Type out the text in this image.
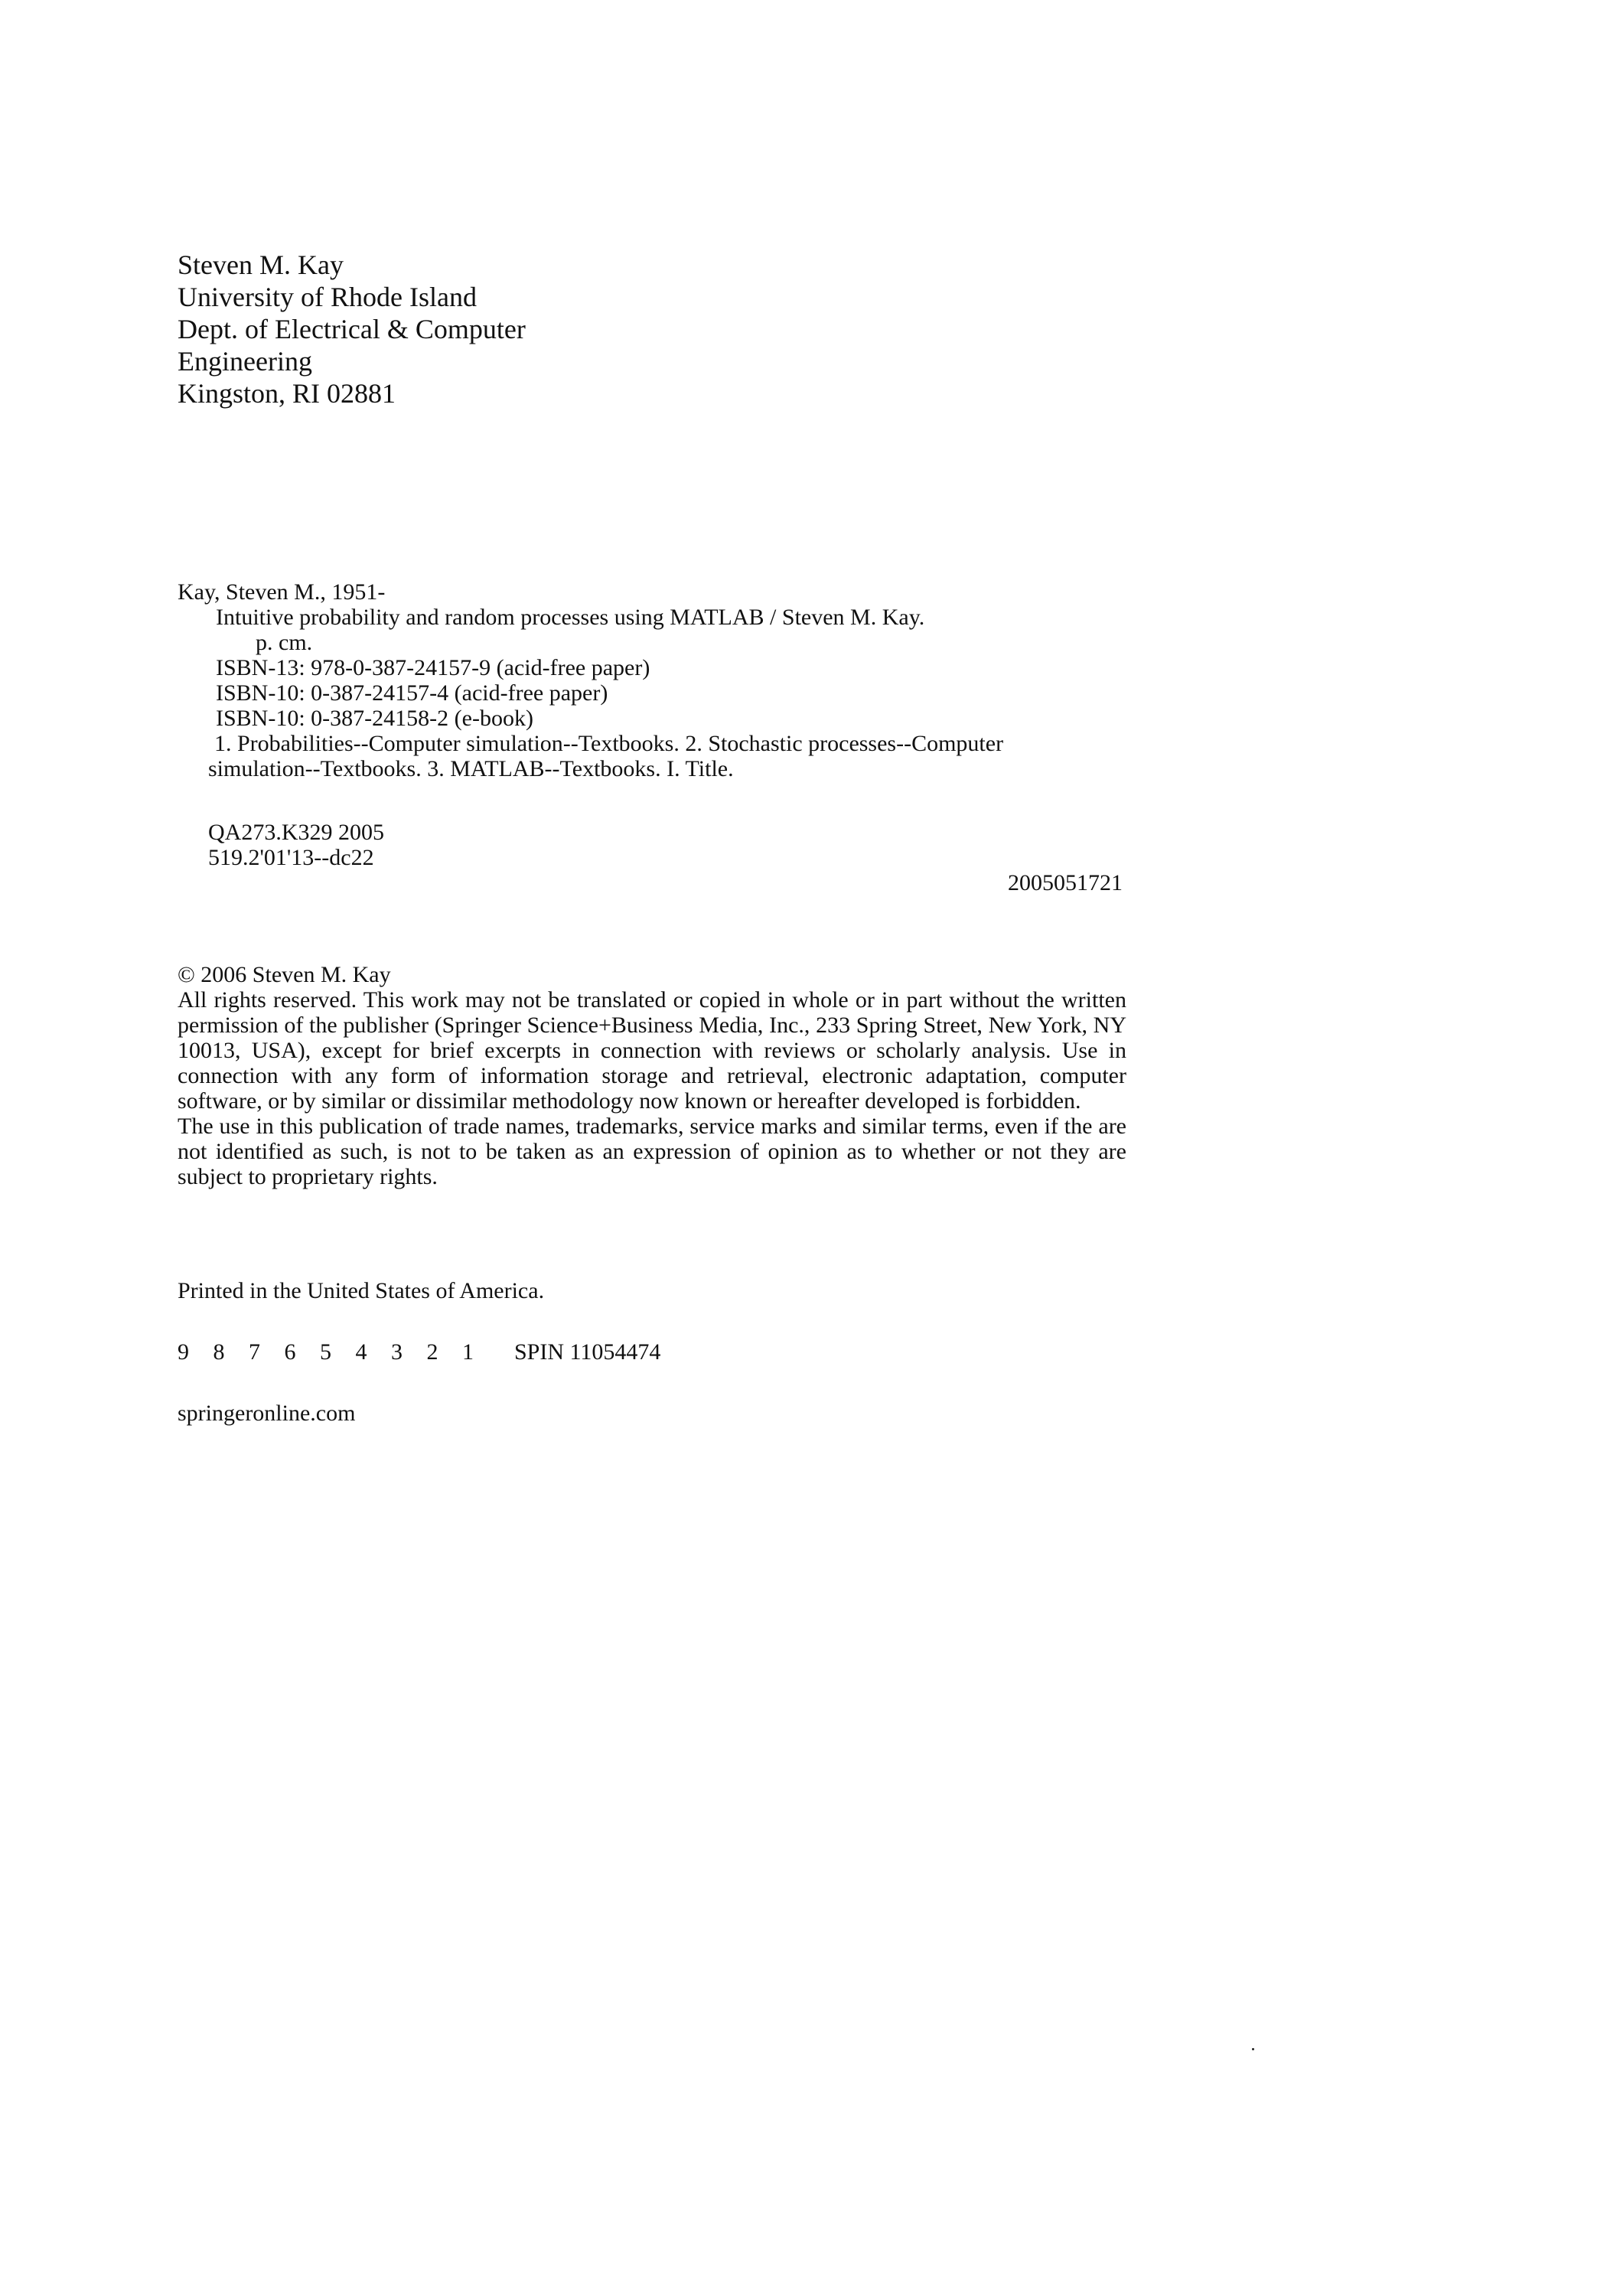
Steven M. Kay
University of Rhode Island
Dept. of Electrical & Computer
Engineering
Kingston, RI 02881
Kay, Steven M., 1951-
Intuitive probability and random processes using MATLAB / Steven M. Kay.
p. cm.
ISBN-13: 978-0-387-24157-9 (acid-free paper)
ISBN-10: 0-387-24157-4 (acid-free paper)
ISBN-10: 0-387-24158-2 (e-book)
1. Probabilities--Computer simulation--Textbooks. 2. Stochastic processes--Computer
simulation--Textbooks. 3. MATLAB--Textbooks. I. Title.
QA273.K329 2005
519.2'01'13--dc22
2005051721
© 2006 Steven M. Kay

All rights reserved. This work may not be translated or copied in whole or in part without the written permission of the publisher (Springer Science+Business Media, Inc., 233 Spring Street, New York, NY 10013, USA), except for brief excerpts in connection with reviews or scholarly analysis. Use in connection with any form of information storage and retrieval, electronic adaptation, computer software, or by similar or dissimilar methodology now known or hereafter developed is forbidden.

The use in this publication of trade names, trademarks, service marks and similar terms, even if the are not identified as such, is not to be taken as an expression of opinion as to whether or not they are subject to proprietary rights.

Printed in the United States of America.
9 8 7 6 5 4 3 2 1 SPIN 11054474
springeronline.com
